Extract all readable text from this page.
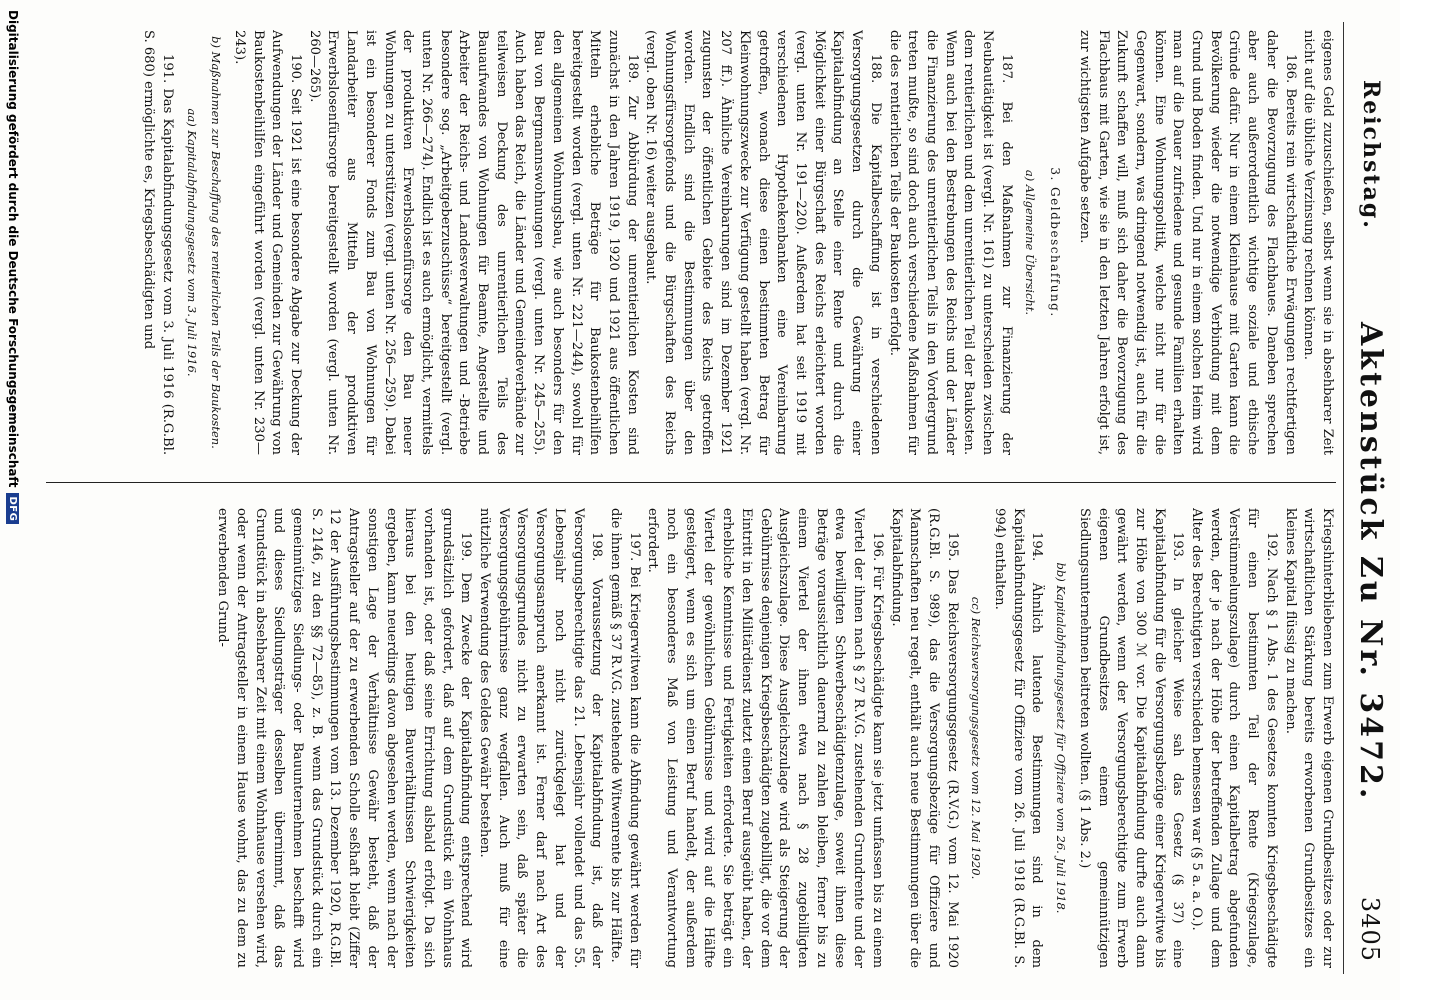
Reichstag.
Aktenstück Zu Nr. 3472.
3405

eigenes Geld zuzuschießen, selbst wenn sie in absehbarer Zeit nicht auf die übliche Verzinsung rechnen können.

186. Bereits rein wirtschaftliche Erwägungen rechtfertigen daher die Bevorzugung des Flachbaues. Daneben sprechen aber auch außerordentlich wichtige soziale und ethische Gründe dafür. Nur in einem Kleinhause mit Garten kann die Bevölkerung wieder die notwendige Verbindung mit dem Grund und Boden finden. Und nur in einem solchen Heim wird man auf die Dauer zufriedene und gesunde Familien erhalten können. Eine Wohnungspolitik, welche nicht nur für die Gegenwart, sondern, was dringend notwendig ist, auch für die Zukunft schaffen will, muß sich daher die Bevorzugung des Flachbaus mit Garten, wie sie in den letzten Jahren erfolgt ist, zur wichtigsten Aufgabe setzen.

3. Geldbeschaffung.
a) Allgemeine Übersicht.

187. Bei den Maßnahmen zur Finanzierung der Neubautätigkeit ist (vergl. Nr. 161) zu unterscheiden zwischen dem rentierlichen und dem unrentierlichen Teil der Baukosten. Wenn auch bei den Bestrebungen des Reichs und der Länder die Finanzierung des unrentierlichen Teils in den Vordergrund treten mußte, so sind doch auch verschiedene Maßnahmen für die des rentierlichen Teils der Baukosten erfolgt.

188. Die Kapitalbeschaffung ist in verschiedenen Versorgungsgesetzen durch die Gewährung einer Kapitalabfindung an Stelle einer Rente und durch die Möglichkeit einer Bürgschaft des Reichs erleichtert worden (vergl. unten Nr. 191—220). Außerdem hat seit 1919 mit verschiedenen Hypothekenbanken eine Vereinbarung getroffen, wonach diese einen bestimmten Betrag für Kleinwohnungszwecke zur Verfügung gestellt haben (vergl. Nr. 207 ff.). Ähnliche Vereinbarungen sind im Dezember 1921 zugunsten der öffentlichen Gebiete des Reichs getroffen worden. Endlich sind die Bestimmungen über den Wohnungsfürsorgefonds und die Bürgschaften des Reichs (vergl. oben Nr. 16) weiter ausgebaut.

189. Zur Abbürdung der unrentierlichen Kosten sind zunächst in den Jahren 1919, 1920 und 1921 aus öffentlichen Mitteln erhebliche Beträge für Baukostenbeihilfen bereitgestellt worden (vergl. unten Nr. 221—244), sowohl für den allgemeinen Wohnungsbau, wie auch besonders für den Bau von Bergmannswohnungen (vergl. unten Nr. 245—255). Auch haben das Reich, die Länder und Gemeindeverbände zur teilweisen Deckung des unrentierlichen Teils des Bauaufwandes von Wohnungen für Beamte, Angestellte und Arbeiter der Reichs- und Landesverwaltungen und -Betriebe besondere sog. „Arbeitgeberzuschüsse“ bereitgestellt (vergl. unten Nr. 266—274). Endlich ist es auch ermöglicht, vermittels der produktiven Erwerbslosenfürsorge den Bau neuer Wohnungen zu unterstützen (vergl. unten Nr. 256—259). Dabei ist ein besonderer Fonds zum Bau von Wohnungen für Landarbeiter aus Mitteln der produktiven Erwerbslosenfürsorge bereitgestellt worden (vergl. unten Nr. 260—265).

190. Seit 1921 ist eine besondere Abgabe zur Deckung der Aufwendungen der Länder und Gemeinden zur Gewährung von Baukostenbeihilfen eingeführt worden (vergl. unten Nr. 230—243).

b) Maßnahmen zur Beschaffung des rentierlichen Teils der Baukosten.
aa) Kapitalabfindungsgesetz vom 3. Juli 1916.

191. Das Kapitalabfindungsgesetz vom 3. Juli 1916 (R.G.Bl. S. 680) ermöglichte es, Kriegsbeschädigten und

Kriegshinterbliebenen zum Erwerb eigenen Grundbesitzes oder zur wirtschaftlichen Stärkung bereits erworbenen Grundbesitzes ein kleines Kapital flüssig zu machen.

192. Nach § 1 Abs. 1 des Gesetzes konnten Kriegsbeschädigte für einen bestimmten Teil der Rente (Kriegszulage, Verstümmelungszulage) durch einen Kapitalbetrag abgefunden werden, der je nach der Höhe der betreffenden Zulage und dem Alter des Berechtigten verschieden bemessen war (§ 5 a. a. O.).

193. In gleicher Weise sah das Gesetz (§ 37) eine Kapitalabfindung für die Versorgungsbezüge einer Kriegerwitwe bis zur Höhe von 300 ℳ vor. Die Kapitalabfindung durfte auch dann gewährt werden, wenn der Versorgungsberechtigte zum Erwerb eigenen Grundbesitzes einem gemeinnützigen Siedlungsunternehmen beitreten wollten. (§ 1 Abs. 2.)

bb) Kapitalabfindungsgesetz für Offiziere vom 26. Juli 1918.

194. Ähnlich lautende Bestimmungen sind in dem Kapitalabfindungsgesetz für Offiziere vom 26. Juli 1918 (R.G.Bl. S. 994) enthalten.

cc) Reichsversorgungsgesetz vom 12. Mai 1920.

195. Das Reichsversorgungsgesetz (R.V.G.) vom 12. Mai 1920 (R.G.Bl. S. 989), das die Versorgungsbezüge für Offiziere und Mannschaften neu regelt, enthält auch neue Bestimmungen über die Kapitalabfindung.

196. Für Kriegsbeschädigte kann sie jetzt umfassen bis zu einem Viertel der ihnen nach § 27 R.V.G. zustehenden Grundrente und der etwa bewilligten Schwerbeschädigtenzulage, soweit ihnen diese Beträge voraussichtlich dauernd zu zahlen bleiben, ferner bis zu einem Viertel der ihnen etwa nach § 28 zugebilligten Ausgleichszulage. Diese Ausgleichszulage wird als Steigerung der Gebührnisse denjenigen Kriegsbeschädigten zugebilligt, die vor dem Eintritt in den Militärdienst zuletzt einen Beruf ausgeübt haben, der erhebliche Kenntnisse und Fertigkeiten erforderte. Sie beträgt ein Viertel der gewöhnlichen Gebührnisse und wird auf die Hälfte gesteigert, wenn es sich um einen Beruf handelt, der außerdem noch ein besonderes Maß von Leistung und Verantwortung erfordert.

197. Bei Kriegerwitwen kann die Abfindung gewährt werden für die ihnen gemäß § 37 R.V.G. zustehende Witwenrente bis zur Hälfte.

198. Voraussetzung der Kapitalabfindung ist, daß der Versorgungsberechtigte das 21. Lebensjahr vollendet und das 55. Lebensjahr noch nicht zurückgelegt hat und der Versorgungsanspruch anerkannt ist. Ferner darf nach Art des Versorgungsgrundes nicht zu erwarten sein, daß später die Versorgungsgebührnisse ganz wegfallen. Auch muß für eine nützliche Verwendung des Geldes Gewähr bestehen.

199. Dem Zwecke der Kapitalabfindung entsprechend wird grundsätzlich gefordert, daß auf dem Grundstück ein Wohnhaus vorhanden ist, oder daß seine Errichtung alsbald erfolgt. Da sich hieraus bei den heutigen Bauverhältnissen Schwierigkeiten ergeben, kann neuerdings davon abgesehen werden, wenn nach der sonstigen Lage der Verhältnisse Gewähr besteht, daß der Antragsteller auf der zu erwerbenden Scholle seßhaft bleibt (Ziffer 12 der Ausführungsbestimmungen vom 13. Dezember 1920, R.G.Bl. S. 2146, zu den §§ 72—85), z. B. wenn das Grundstück durch ein gemeinnütziges Siedlungs- oder Bauunternehmen beschafft wird und dieses Siedlungsträger desselben übernimmt, daß das Grundstück in absehbarer Zeit mit einem Wohnhause versehen wird, oder wenn der Antragsteller in einem Hause wohnt, das zu dem zu erwerbenden Grund-

Digitalisierung gefördert durch die Deutsche Forschungsgemeinschaft
DFG
